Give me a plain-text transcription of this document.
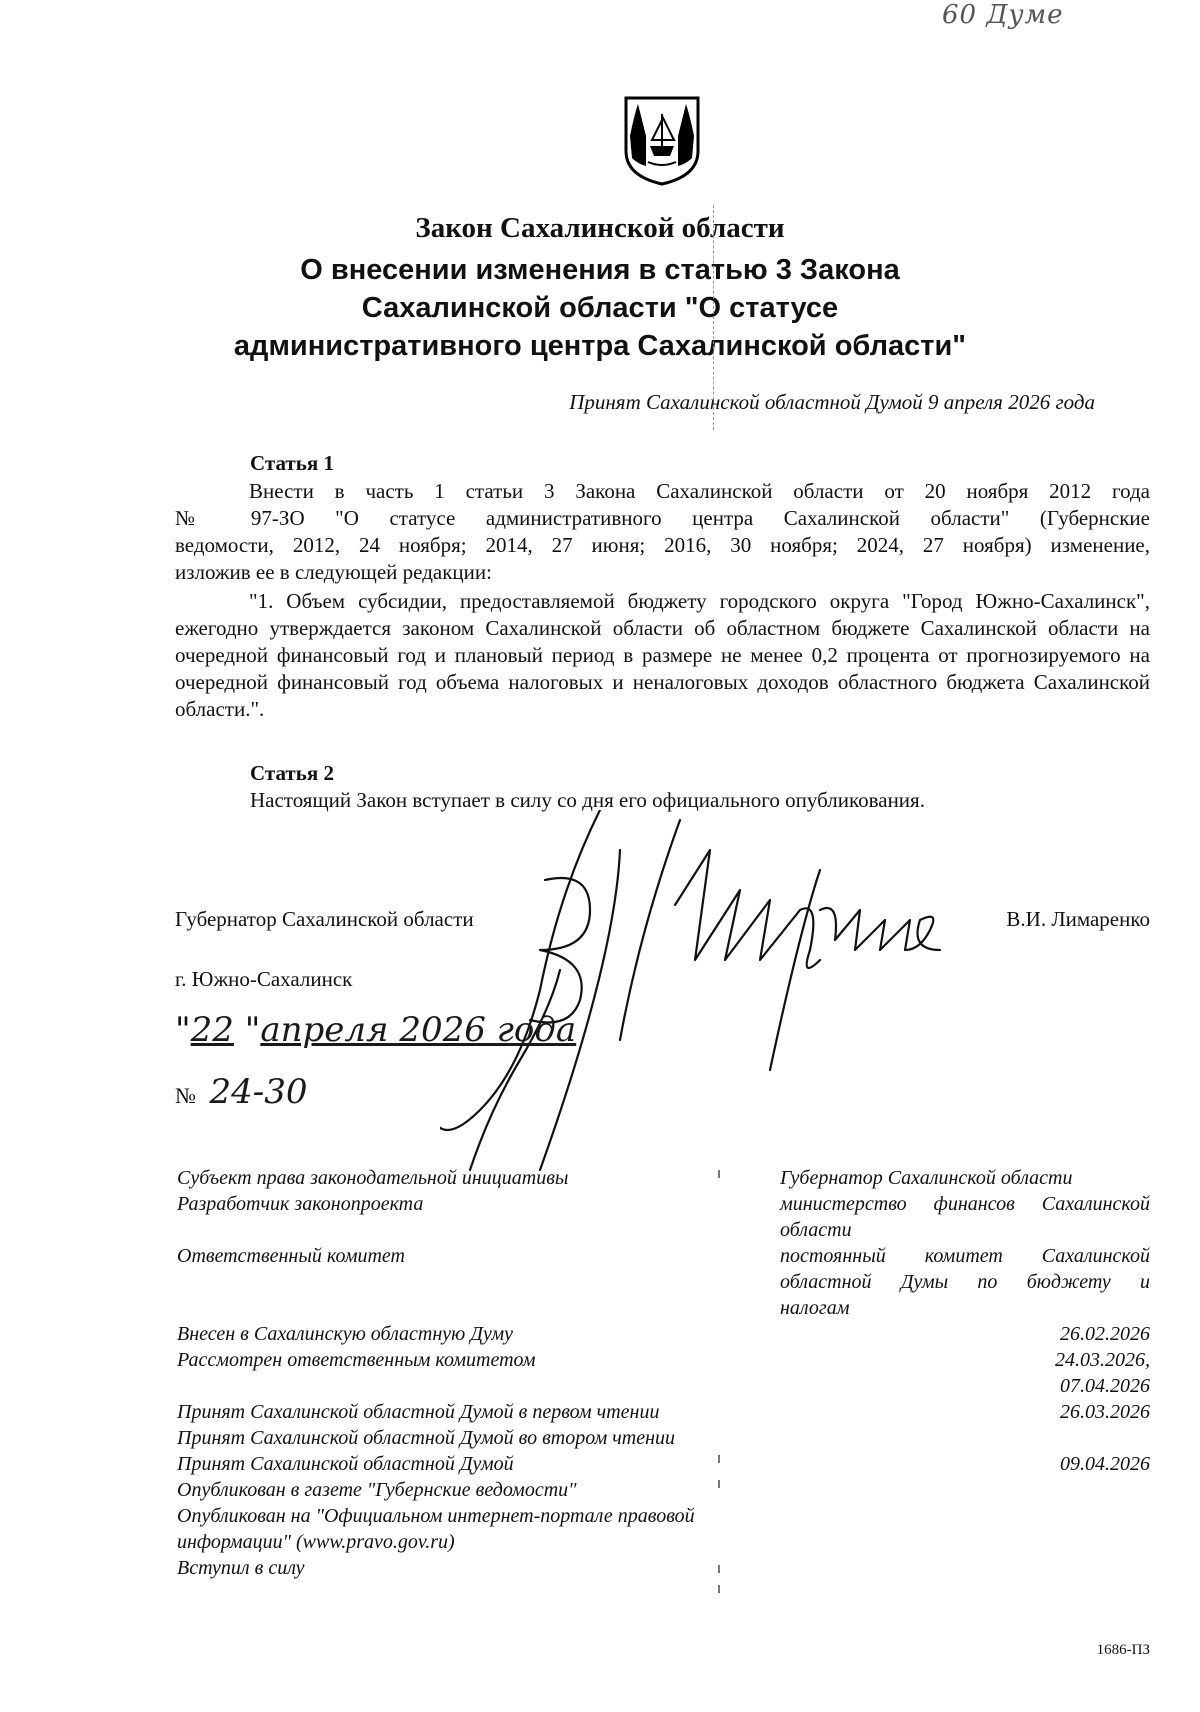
60 Думе
Закон Сахалинской области
О внесении изменения в статью 3 Закона
Сахалинской области "О статусе
административного центра Сахалинской области"
Принят Сахалинской областной Думой 9 апреля 2026 года
Статья 1
Внести в часть 1 статьи 3 Закона Сахалинской области от 20 ноября 2012 года
№ 97-ЗО "О статусе административного центра Сахалинской области" (Губернские
ведомости, 2012, 24 ноября; 2014, 27 июня; 2016, 30 ноября; 2024, 27 ноября) изменение,
изложив ее в следующей редакции:
"1. Объем субсидии, предоставляемой бюджету городского округа "Город Южно-Сахалинск", ежегодно утверждается законом Сахалинской области об областном бюджете Сахалинской области на очередной финансовый год и плановый период в размере не менее 0,2 процента от прогнозируемого на очередной финансовый год объема налоговых и неналоговых доходов областного бюджета Сахалинской области.".
Статья 2
Настоящий Закон вступает в силу со дня его официального опубликования.
Губернатор Сахалинской области	В.И. Лимаренко
г. Южно-Сахалинск
"22 "апреля 2026 года
№ 24-30
Субъект права законодательной инициативы	Губернатор Сахалинской области
Разработчик законопроекта	министерство финансов Сахалинской
области
Ответственный комитет	постоянный комитет Сахалинской
областной Думы по бюджету и
налогам
Внесен в Сахалинскую областную Думу	26.02.2026
Рассмотрен ответственным комитетом	24.03.2026,
07.04.2026
Принят Сахалинской областной Думой в первом чтении	26.03.2026
Принят Сахалинской областной Думой во втором чтении
Принят Сахалинской областной Думой	09.04.2026
Опубликован в газете "Губернские ведомости"
Опубликован на "Официальном интернет-портале правовой
информации" (www.pravo.gov.ru)
Вступил в силу
1686-ПЗ
